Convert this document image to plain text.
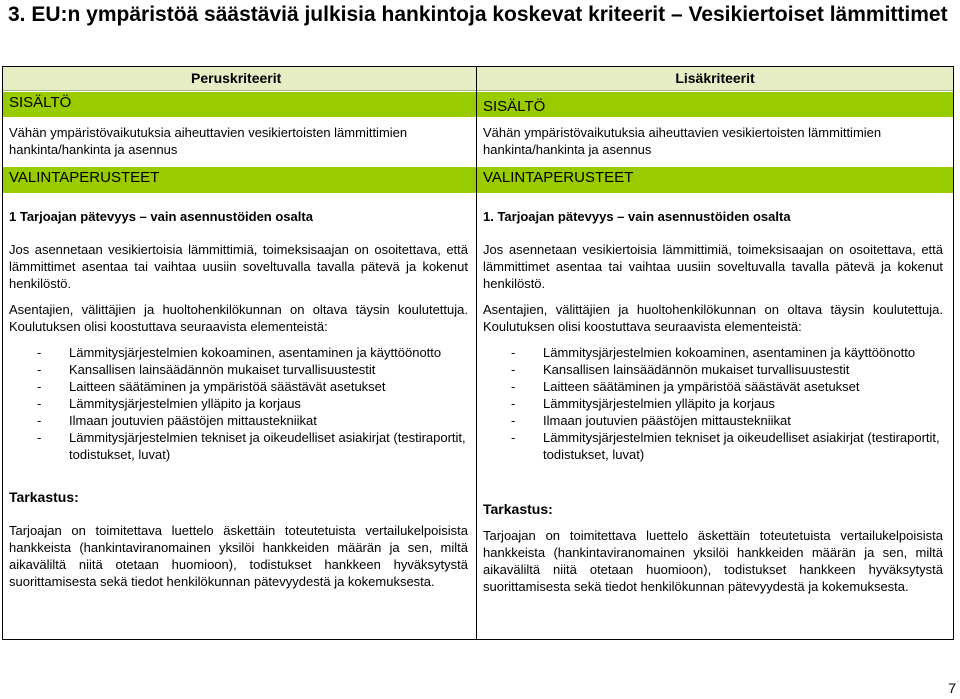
3. EU:n ympäristöä säästäviä julkisia hankintoja koskevat kriteerit – Vesikiertoiset lämmittimet
Peruskriteerit
SISÄLTÖ
Vähän ympäristövaikutuksia aiheuttavien vesikiertoisten lämmittimien hankinta/hankinta ja asennus
VALINTAPERUSTEET
1 Tarjoajan pätevyys – vain asennustöiden osalta
Jos asennetaan vesikiertoisia lämmittimiä, toimeksisaajan on osoitettava, että lämmittimet asentaa tai vaihtaa uusiin soveltuvalla tavalla pätevä ja kokenut henkilöstö.
Asentajien, välittäjien ja huoltohenkilökunnan on oltava täysin koulutettuja. Koulutuksen olisi koostuttava seuraavista elementeistä:
- Lämmitysjärjestelmien kokoaminen, asentaminen ja käyttöönotto
- Kansallisen lainsäädännön mukaiset turvallisuustestit
- Laitteen säätäminen ja ympäristöä säästävät asetukset
- Lämmitysjärjestelmien ylläpito ja korjaus
- Ilmaan joutuvien päästöjen mittaustekniikat
- Lämmitysjärjestelmien tekniset ja oikeudelliset asiakirjat (testiraportit, todistukset, luvat)
Tarkastus:
Tarjoajan on toimitettava luettelo äskettäin toteutetuista vertailukelpoisista hankkeista (hankintaviranomainen yksilöi hankkeiden määrän ja sen, miltä aikaväliltä niitä otetaan huomioon), todistukset hankkeen hyväksytystä suorittamisesta sekä tiedot henkilökunnan pätevyydestä ja kokemuksesta.
Lisäkriteerit
SISÄLTÖ
Vähän ympäristövaikutuksia aiheuttavien vesikiertoisten lämmittimien hankinta/hankinta ja asennus
VALINTAPERUSTEET
1. Tarjoajan pätevyys – vain asennustöiden osalta
Jos asennetaan vesikiertoisia lämmittimiä, toimeksisaajan on osoitettava, että lämmittimet asentaa tai vaihtaa uusiin soveltuvalla tavalla pätevä ja kokenut henkilöstö.
Asentajien, välittäjien ja huoltohenkilökunnan on oltava täysin koulutettuja. Koulutuksen olisi koostuttava seuraavista elementeistä:
- Lämmitysjärjestelmien kokoaminen, asentaminen ja käyttöönotto
- Kansallisen lainsäädännön mukaiset turvallisuustestit
- Laitteen säätäminen ja ympäristöä säästävät asetukset
- Lämmitysjärjestelmien ylläpito ja korjaus
- Ilmaan joutuvien päästöjen mittaustekniikat
- Lämmitysjärjestelmien tekniset ja oikeudelliset asiakirjat (testiraportit, todistukset, luvat)
Tarkastus:
Tarjoajan on toimitettava luettelo äskettäin toteutetuista vertailukelpoisista hankkeista (hankintaviranomainen yksilöi hankkeiden määrän ja sen, miltä aikaväliltä niitä otetaan huomioon), todistukset hankkeen hyväksytystä suorittamisesta sekä tiedot henkilökunnan pätevyydestä ja kokemuksesta.
7
